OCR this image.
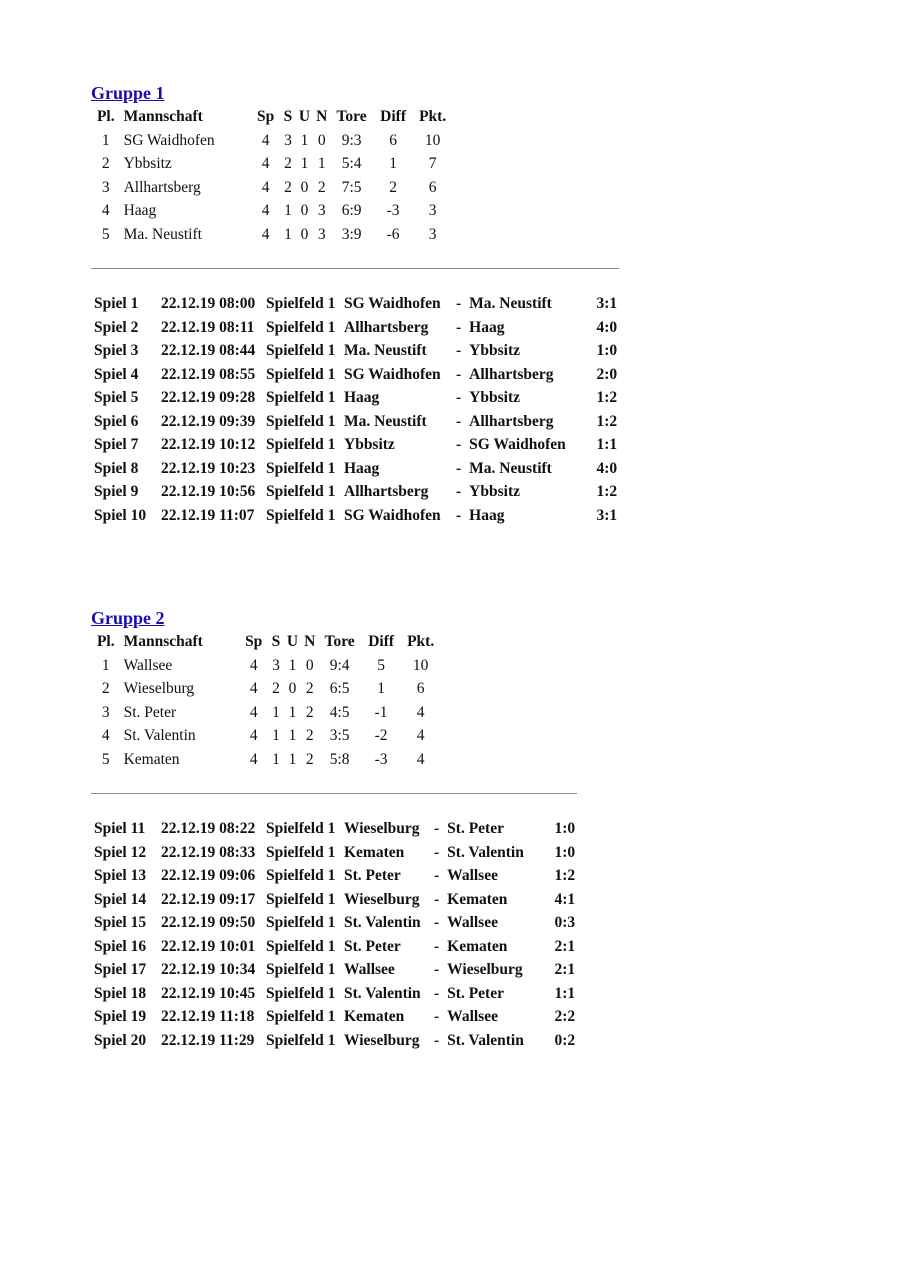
Gruppe 1
Pl.	Mannschaft	Sp	S	U	N	Tore	Diff	Pkt.
1	SG Waidhofen	4	3	1	0	9:3	6	10
2	Ybbsitz	4	2	1	1	5:4	1	7
3	Allhartsberg	4	2	0	2	7:5	2	6
4	Haag	4	1	0	3	6:9	-3	3
5	Ma. Neustift	4	1	0	3	3:9	-6	3
Spiel 1	22.12.19 08:00	Spielfeld 1	SG Waidhofen	-	Ma. Neustift	3:1
Spiel 2	22.12.19 08:11	Spielfeld 1	Allhartsberg	-	Haag	4:0
Spiel 3	22.12.19 08:44	Spielfeld 1	Ma. Neustift	-	Ybbsitz	1:0
Spiel 4	22.12.19 08:55	Spielfeld 1	SG Waidhofen	-	Allhartsberg	2:0
Spiel 5	22.12.19 09:28	Spielfeld 1	Haag	-	Ybbsitz	1:2
Spiel 6	22.12.19 09:39	Spielfeld 1	Ma. Neustift	-	Allhartsberg	1:2
Spiel 7	22.12.19 10:12	Spielfeld 1	Ybbsitz	-	SG Waidhofen	1:1
Spiel 8	22.12.19 10:23	Spielfeld 1	Haag	-	Ma. Neustift	4:0
Spiel 9	22.12.19 10:56	Spielfeld 1	Allhartsberg	-	Ybbsitz	1:2
Spiel 10	22.12.19 11:07	Spielfeld 1	SG Waidhofen	-	Haag	3:1
Gruppe 2
Pl.	Mannschaft	Sp	S	U	N	Tore	Diff	Pkt.
1	Wallsee	4	3	1	0	9:4	5	10
2	Wieselburg	4	2	0	2	6:5	1	6
3	St. Peter	4	1	1	2	4:5	-1	4
4	St. Valentin	4	1	1	2	3:5	-2	4
5	Kematen	4	1	1	2	5:8	-3	4
Spiel 11	22.12.19 08:22	Spielfeld 1	Wieselburg	-	St. Peter	1:0
Spiel 12	22.12.19 08:33	Spielfeld 1	Kematen	-	St. Valentin	1:0
Spiel 13	22.12.19 09:06	Spielfeld 1	St. Peter	-	Wallsee	1:2
Spiel 14	22.12.19 09:17	Spielfeld 1	Wieselburg	-	Kematen	4:1
Spiel 15	22.12.19 09:50	Spielfeld 1	St. Valentin	-	Wallsee	0:3
Spiel 16	22.12.19 10:01	Spielfeld 1	St. Peter	-	Kematen	2:1
Spiel 17	22.12.19 10:34	Spielfeld 1	Wallsee	-	Wieselburg	2:1
Spiel 18	22.12.19 10:45	Spielfeld 1	St. Valentin	-	St. Peter	1:1
Spiel 19	22.12.19 11:18	Spielfeld 1	Kematen	-	Wallsee	2:2
Spiel 20	22.12.19 11:29	Spielfeld 1	Wieselburg	-	St. Valentin	0:2
